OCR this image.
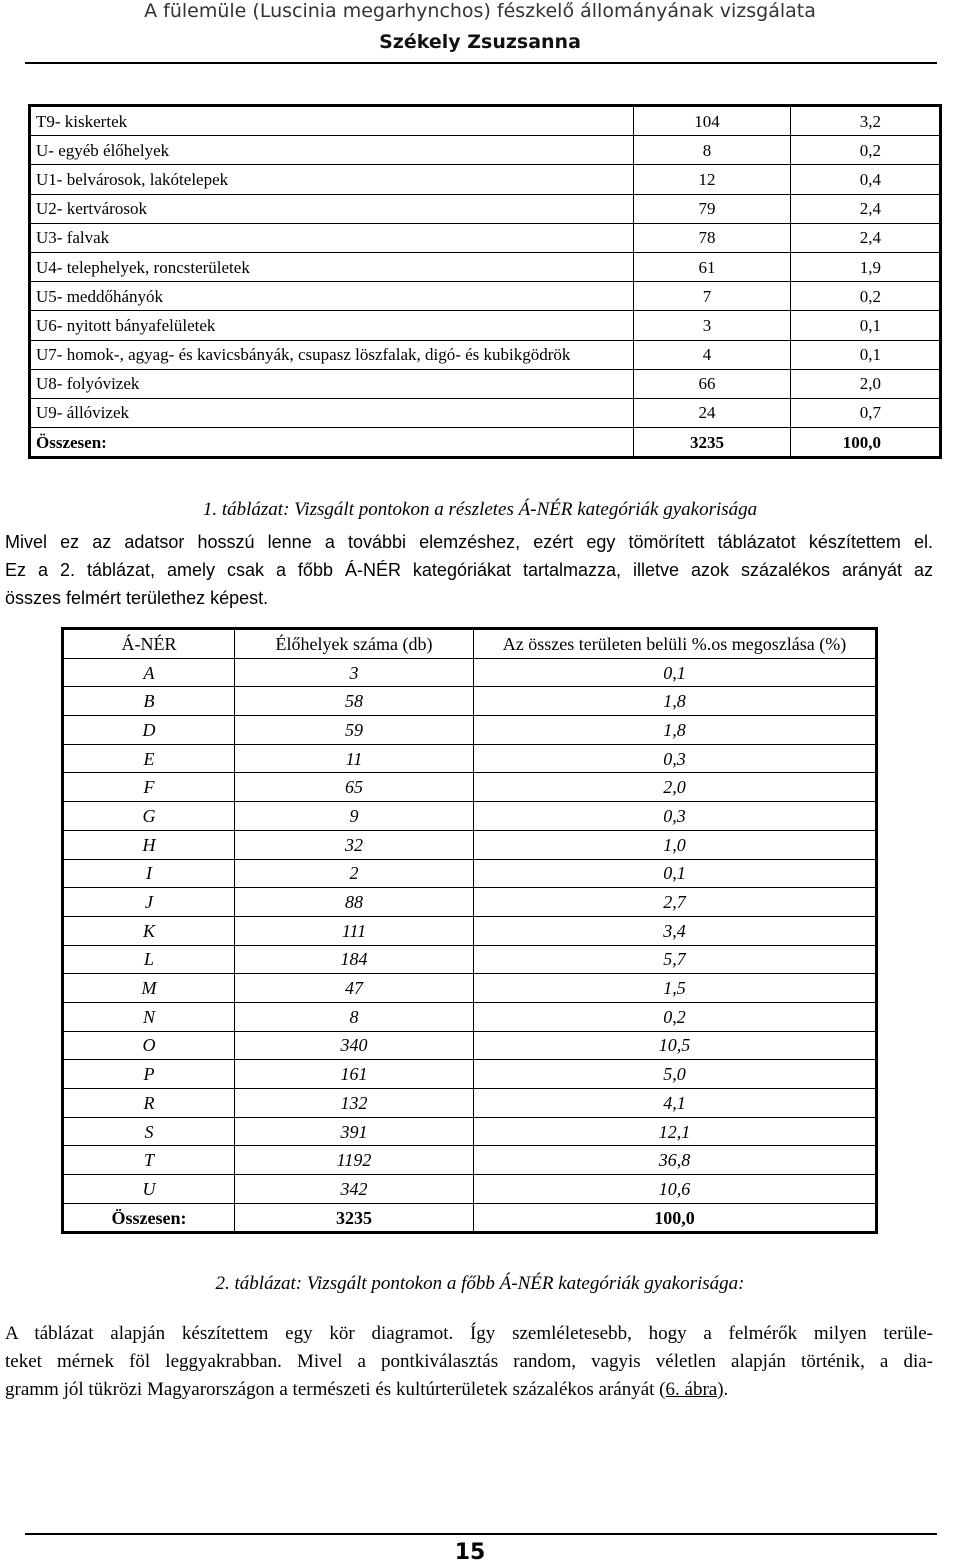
A fülemüle (Luscinia megarhynchos) fészkelő állományának vizsgálata
Székely Zsuzsanna
T9- kiskertek	104	3,2
U- egyéb élőhelyek	8	0,2
U1- belvárosok, lakótelepek	12	0,4
U2- kertvárosok	79	2,4
U3- falvak	78	2,4
U4- telephelyek, roncsterületek	61	1,9
U5- meddőhányók	7	0,2
U6- nyitott bányafelületek	3	0,1
U7- homok-, agyag- és kavicsbányák, csupasz löszfalak, digó- és kubikgödrök	4	0,1
U8- folyóvizek	66	2,0
U9- állóvizek	24	0,7
Összesen:	3235	100,0
1. táblázat: Vizsgált pontokon a részletes Á-NÉR kategóriák gyakorisága
Mivel ez az adatsor hosszú lenne a további elemzéshez, ezért egy tömörített táblázatot készítettem el.
Ez a 2. táblázat, amely csak a főbb Á-NÉR kategóriákat tartalmazza, illetve azok százalékos arányát az
összes felmért területhez képest.
Á-NÉR	Élőhelyek száma (db)	Az összes területen belüli %.os megoszlása (%)
A	3	0,1
B	58	1,8
D	59	1,8
E	11	0,3
F	65	2,0
G	9	0,3
H	32	1,0
I	2	0,1
J	88	2,7
K	111	3,4
L	184	5,7
M	47	1,5
N	8	0,2
O	340	10,5
P	161	5,0
R	132	4,1
S	391	12,1
T	1192	36,8
U	342	10,6
Összesen:	3235	100,0
2. táblázat: Vizsgált pontokon a főbb Á-NÉR kategóriák gyakorisága:
A táblázat alapján készítettem egy kör diagramot. Így szemléletesebb, hogy a felmérők milyen terüle-
teket mérnek föl leggyakrabban. Mivel a pontkiválasztás random, vagyis véletlen alapján történik, a dia-
gramm jól tükrözi Magyarországon a természeti és kultúrterületek százalékos arányát (6. ábra).
15
